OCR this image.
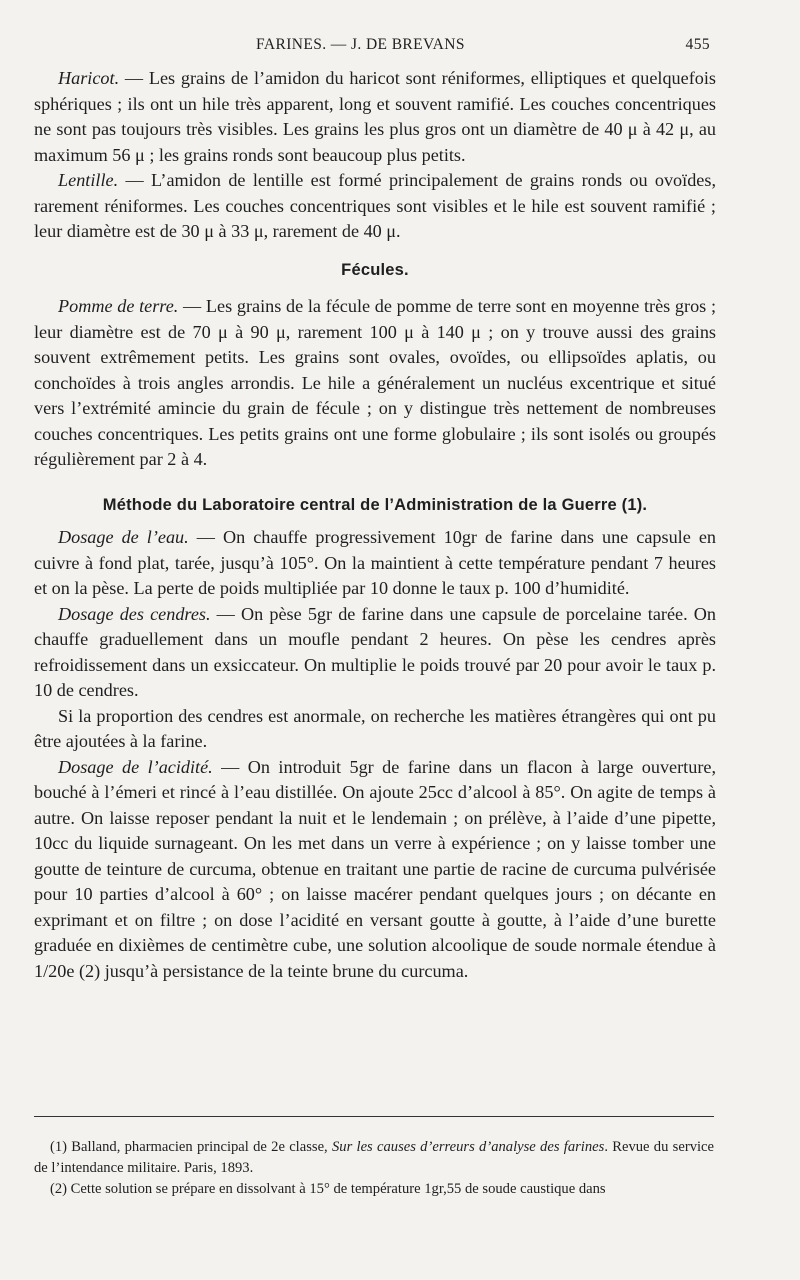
FARINES. — J. DE BREVANS	455

Haricot. — Les grains de l’amidon du haricot sont réniformes, elliptiques et quelquefois sphériques ; ils ont un hile très apparent, long et souvent ramifié. Les couches concentriques ne sont pas toujours très visibles. Les grains les plus gros ont un diamètre de 40 μ à 42 μ, au maximum 56 μ ; les grains ronds sont beaucoup plus petits.

Lentille. — L’amidon de lentille est formé principalement de grains ronds ou ovoïdes, rarement réniformes. Les couches concentriques sont visibles et le hile est souvent ramifié ; leur diamètre est de 30 μ à 33 μ, rarement de 40 μ.

Fécules.

Pomme de terre. — Les grains de la fécule de pomme de terre sont en moyenne très gros ; leur diamètre est de 70 μ à 90 μ, rarement 100 μ à 140 μ ; on y trouve aussi des grains souvent extrêmement petits. Les grains sont ovales, ovoïdes, ou ellipsoïdes aplatis, ou conchoïdes à trois angles arrondis. Le hile a généralement un nucléus excentrique et situé vers l’extrémité amincie du grain de fécule ; on y distingue très nettement de nombreuses couches concentriques. Les petits grains ont une forme globulaire ; ils sont isolés ou groupés régulièrement par 2 à 4.

Méthode du Laboratoire central de l’Administration de la Guerre (1).

Dosage de l’eau. — On chauffe progressivement 10gr de farine dans une capsule en cuivre à fond plat, tarée, jusqu’à 105°. On la maintient à cette température pendant 7 heures et on la pèse. La perte de poids multipliée par 10 donne le taux p. 100 d’humidité.

Dosage des cendres. — On pèse 5gr de farine dans une capsule de porcelaine tarée. On chauffe graduellement dans un moufle pendant 2 heures. On pèse les cendres après refroidissement dans un exsiccateur. On multiplie le poids trouvé par 20 pour avoir le taux p. 10 de cendres.

Si la proportion des cendres est anormale, on recherche les matières étrangères qui ont pu être ajoutées à la farine.

Dosage de l’acidité. — On introduit 5gr de farine dans un flacon à large ouverture, bouché à l’émeri et rincé à l’eau distillée. On ajoute 25cc d’alcool à 85°. On agite de temps à autre. On laisse reposer pendant la nuit et le lendemain ; on prélève, à l’aide d’une pipette, 10cc du liquide surnageant. On les met dans un verre à expérience ; on y laisse tomber une goutte de teinture de curcuma, obtenue en traitant une partie de racine de curcuma pulvérisée pour 10 parties d’alcool à 60° ; on laisse macérer pendant quelques jours ; on décante en exprimant et on filtre ; on dose l’acidité en versant goutte à goutte, à l’aide d’une burette graduée en dixièmes de centimètre cube, une solution alcoolique de soude normale étendue à 1/20e (2) jusqu’à persistance de la teinte brune du curcuma.

(1) Balland, pharmacien principal de 2e classe, Sur les causes d’erreurs d’analyse des farines. Revue du service de l’intendance militaire. Paris, 1893.

(2) Cette solution se prépare en dissolvant à 15° de température 1gr,55 de soude caustique dans
